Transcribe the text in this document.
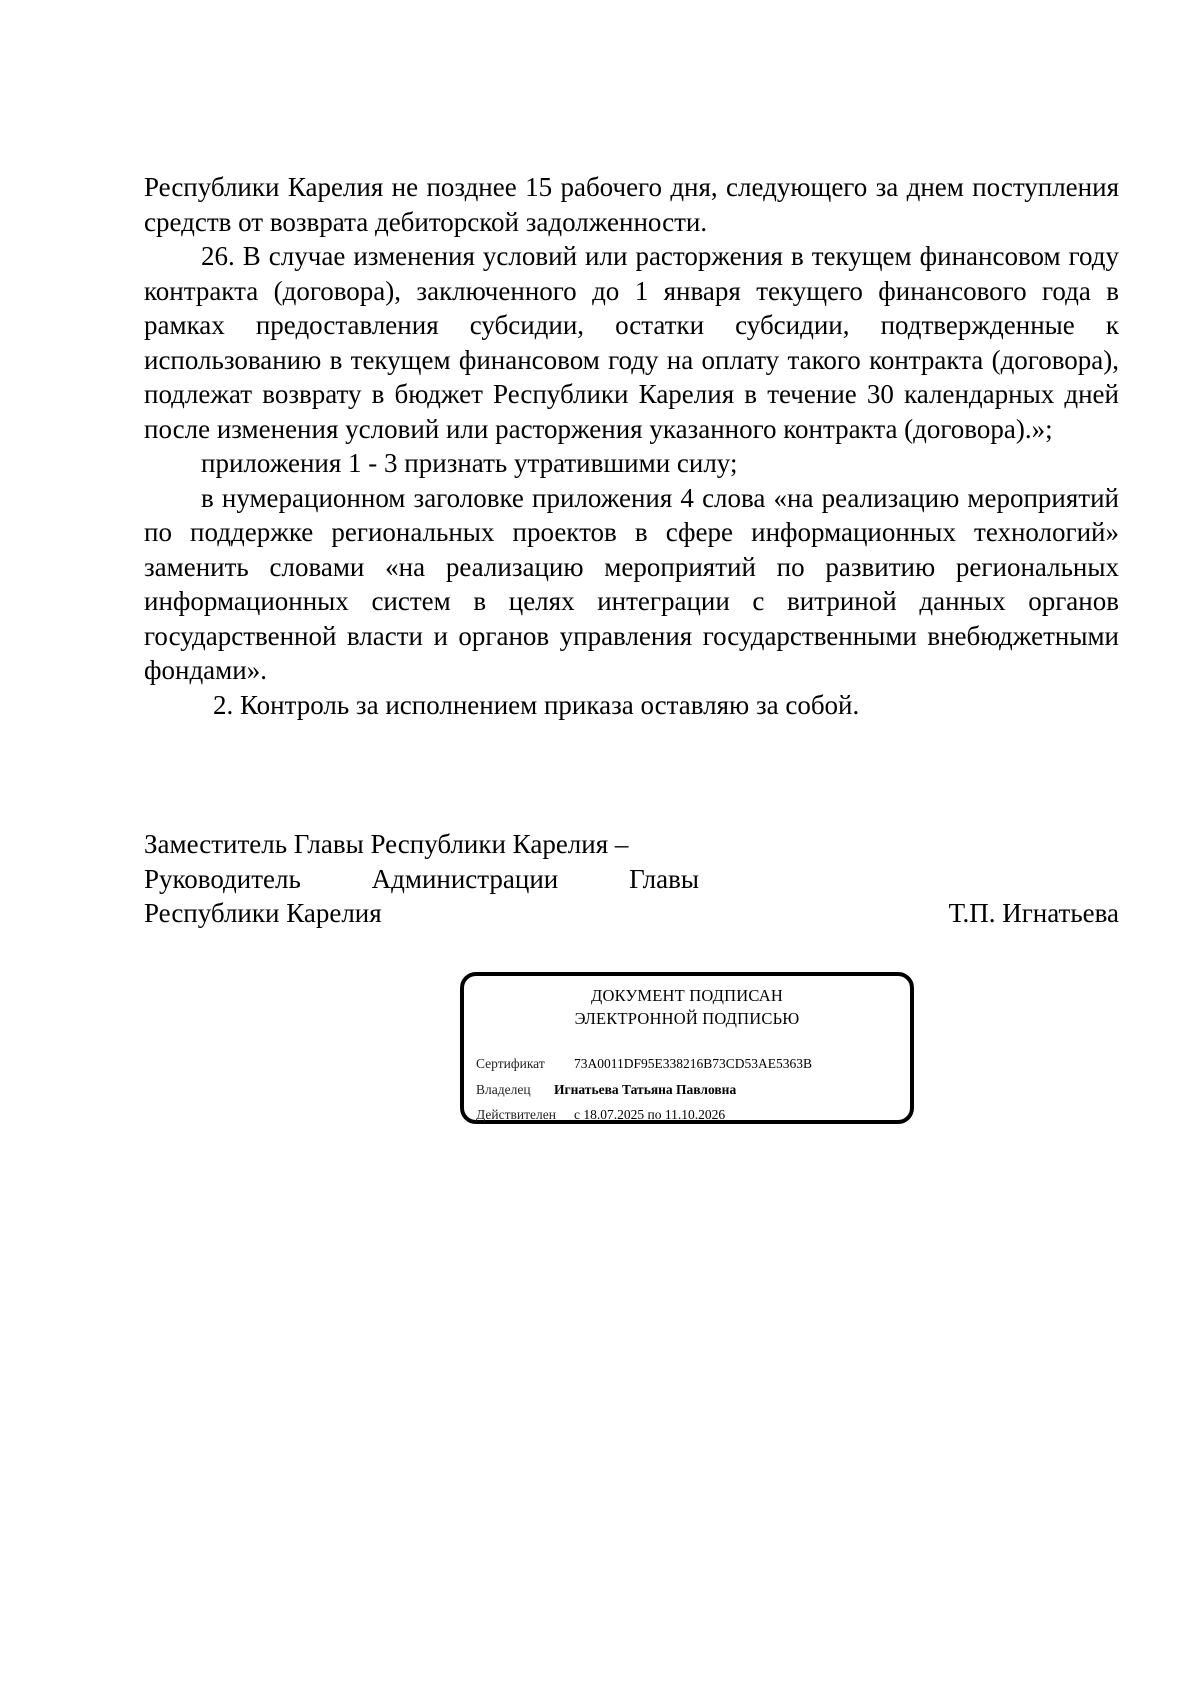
Республики Карелия не позднее 15 рабочего дня, следующего за днем поступления средств от возврата дебиторской задолженности.

26. В случае изменения условий или расторжения в текущем финансовом году контракта (договора), заключенного до 1 января текущего финансового года в рамках предоставления субсидии, остатки субсидии, подтвержденные к использованию в текущем финансовом году на оплату такого контракта (договора), подлежат возврату в бюджет Республики Карелия в течение 30 календарных дней после изменения условий или расторжения указанного контракта (договора).»;

приложения 1 - 3 признать утратившими силу;

в нумерационном заголовке приложения 4 слова «на реализацию мероприятий по поддержке региональных проектов в сфере информационных технологий» заменить словами «на реализацию мероприятий по развитию региональных информационных систем в целях интеграции с витриной данных органов государственной власти и органов управления государственными внебюджетными фондами».

2. Контроль за исполнением приказа оставляю за собой.

Заместитель Главы Республики Карелия –
Руководитель	Администрации	Главы
Республики Карелия	Т.П. Игнатьева
ДОКУМЕНТ ПОДПИСАН
ЭЛЕКТРОННОЙ ПОДПИСЬЮ
Сертификат 73A0011DF95E338216B73CD53AE5363B
Владелец Игнатьева Татьяна Павловна
Действителен с 18.07.2025 по 11.10.2026
